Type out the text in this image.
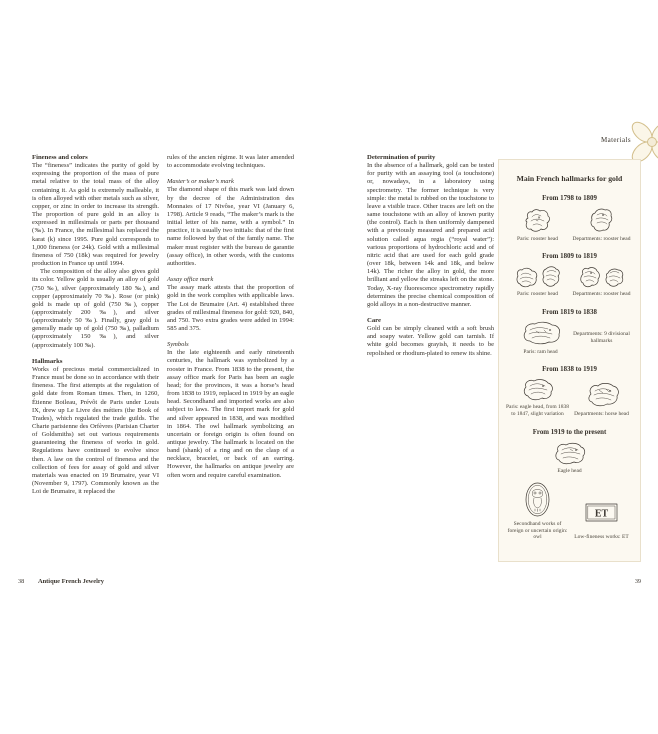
Materials

Fineness and colors

The “fineness” indicates the purity of gold by expressing the proportion of the mass of pure metal relative to the total mass of the alloy containing it. As gold is extremely malleable, it is often alloyed with other metals such as silver, copper, or zinc in order to increase its strength. The proportion of pure gold in an alloy is expressed in millesimals or parts per thousand (‰). In France, the millesimal has replaced the karat (k) since 1995. Pure gold corresponds to 1,000 fineness (or 24k). Gold with a millesimal fineness of 750 (18k) was required for jewelry production in France up until 1994.

The composition of the alloy also gives gold its color. Yellow gold is usually an alloy of gold (750 ‰), silver (approximately 180 ‰), and copper (approximately 70 ‰). Rose (or pink) gold is made up of gold (750 ‰), copper (approximately 200 ‰), and silver (approximately 50 ‰). Finally, gray gold is generally made up of gold (750 ‰), palladium (approximately 150 ‰), and silver (approximately 100 ‰).

Hallmarks

Works of precious metal commercialized in France must be done so in accordance with their fineness. The first attempts at the regulation of gold date from Roman times. Then, in 1260, Étienne Boileau, Prévôt de Paris under Louis IX, drew up Le Livre des métiers (the Book of Trades), which regulated the trade guilds. The Charte parisienne des Orfèvres (Parisian Charter of Goldsmiths) set out various requirements guaranteeing the fineness of works in gold. Regulations have continued to evolve since then. A law on the control of fineness and the collection of fees for assay of gold and silver materials was enacted on 19 Brumaire, year VI (November 9, 1797). Commonly known as the Loi de Brumaire, it replaced the

rules of the ancien régime. It was later amended to accommodate evolving techniques.

Master’s or maker’s mark

The diamond shape of this mark was laid down by the decree of the Administration des Monnaies of 17 Nivôse, year VI (January 6, 1798). Article 9 reads, “The maker’s mark is the initial letter of his name, with a symbol.” In practice, it is usually two initials: that of the first name followed by that of the family name. The maker must register with the bureau de garantie (assay office), in other words, with the customs authorities.

Assay office mark

The assay mark attests that the proportion of gold in the work complies with applicable laws. The Loi de Brumaire (Art. 4) established three grades of millesimal fineness for gold: 920, 840, and 750. Two extra grades were added in 1994: 585 and 375.

Symbols

In the late eighteenth and early nineteenth centuries, the hallmark was symbolized by a rooster in France. From 1838 to the present, the assay office mark for Paris has been an eagle head; for the provinces, it was a horse’s head from 1838 to 1919, replaced in 1919 by an eagle head. Secondhand and imported works are also subject to laws. The first import mark for gold and silver appeared in 1838, and was modified in 1864. The owl hallmark symbolizing an uncertain or foreign origin is often found on antique jewelry. The hallmark is located on the band (shank) of a ring and on the clasp of a necklace, bracelet, or back of an earring. However, the hallmarks on antique jewelry are often worn and require careful examination.

Determination of purity

In the absence of a hallmark, gold can be tested for purity with an assaying tool (a touchstone) or, nowadays, in a laboratory using spectrometry. The former technique is very simple: the metal is rubbed on the touchstone to leave a visible trace. Other traces are left on the same touchstone with an alloy of known purity (the control). Each is then uniformly dampened with a previously measured and prepared acid solution called aqua regia (“royal water”): various proportions of hydrochloric acid and of nitric acid that are used for each gold grade (over 18k, between 14k and 18k, and below 14k). The richer the alloy in gold, the more brilliant and yellow the streaks left on the stone. Today, X-ray fluorescence spectrometry rapidly determines the precise chemical composition of gold alloys in a non-destructive manner.

Care

Gold can be simply cleaned with a soft brush and soapy water. Yellow gold can tarnish. If white gold becomes grayish, it needs to be repolished or rhodium-plated to renew its shine.

Main French hallmarks for gold
From 1798 to 1809
Paris: rooster head	Departments: rooster head
From 1809 to 1819
Paris: rooster head	Departments: rooster head
From 1819 to 1838
Paris: ram head
Departments: 9 divisional hallmarks
From 1838 to 1919
Paris: eagle head, from 1838 to 1847, slight variation	Departments: horse head
From 1919 to the present
Eagle head
Secondhand works of foreign or uncertain origin: owl
ET
Low-fineness works: ET
38 Antique French Jewelry	39
